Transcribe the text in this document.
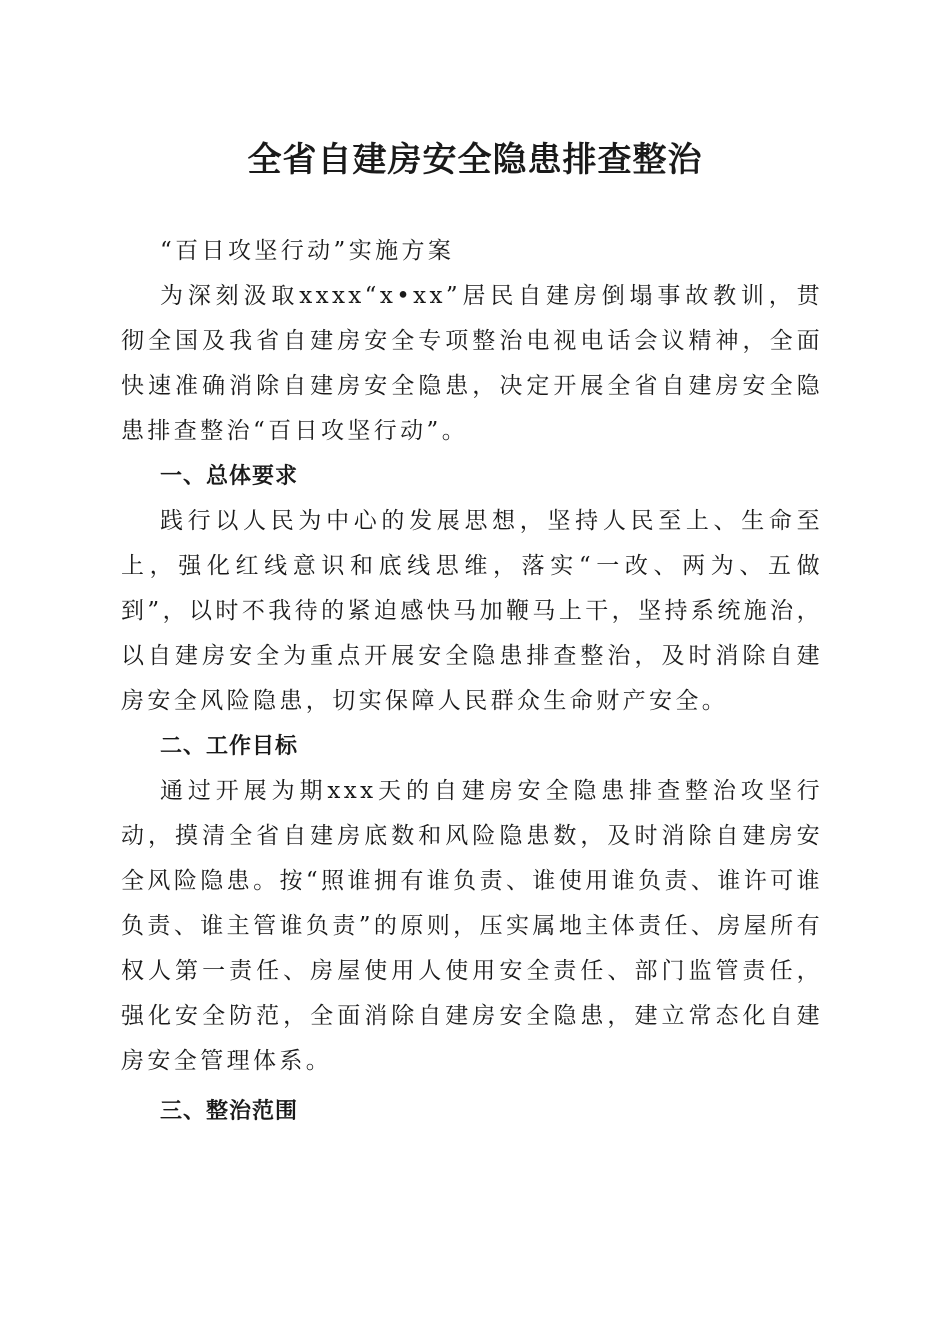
全省自建房安全隐患排查整治

“百日攻坚行动”实施方案

为深刻汲取xxxx“x•xx”居民自建房倒塌事故教训，贯彻全国及我省自建房安全专项整治电视电话会议精神，全面快速准确消除自建房安全隐患，决定开展全省自建房安全隐患排查整治“百日攻坚行动”。

一、总体要求

践行以人民为中心的发展思想，坚持人民至上、生命至上，强化红线意识和底线思维，落实“一改、两为、五做到”，以时不我待的紧迫感快马加鞭马上干，坚持系统施治，以自建房安全为重点开展安全隐患排查整治，及时消除自建房安全风险隐患，切实保障人民群众生命财产安全。

二、工作目标

通过开展为期xxx天的自建房安全隐患排查整治攻坚行动，摸清全省自建房底数和风险隐患数，及时消除自建房安全风险隐患。按“照谁拥有谁负责、谁使用谁负责、谁许可谁负责、谁主管谁负责”的原则，压实属地主体责任、房屋所有权人第一责任、房屋使用人使用安全责任、部门监管责任，强化安全防范，全面消除自建房安全隐患，建立常态化自建房安全管理体系。

三、整治范围
